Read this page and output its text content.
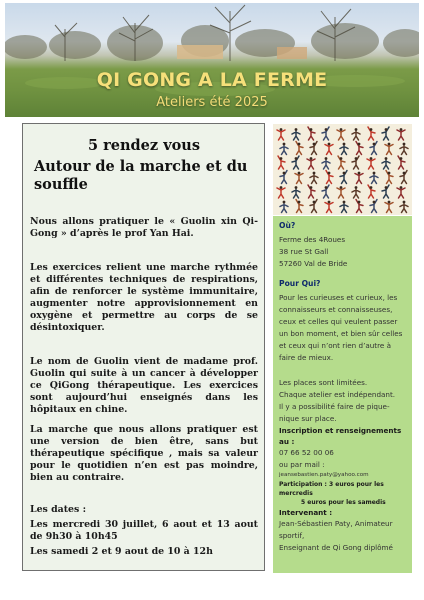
QI GONG A LA FERME
Ateliers été 2025
5 rendez vous
Autour de la marche et du souffle

Nous allons pratiquer le « Guolin xin Qi-Gong » d’après le prof Yan Hai.

Les exercices relient une marche rythmée et différentes techniques de respirations, afin de renforcer le système immunitaire, augmenter notre approvisionnement en oxygène et permettre au corps de se désintoxiquer.

Le nom de Guolin vient de madame prof. Guolin qui suite à un cancer à développer ce QiGong thérapeutique. Les exercices sont aujourd’hui enseignés dans les hôpitaux en chine.

La marche que nous allons pratiquer est une version de bien être, sans but thérapeutique spécifique , mais sa valeur pour le quotidien n’en est pas moindre, bien au contraire.

Les dates :

Les mercredi 30 juillet, 6 aout et 13 aout de 9h30 à 10h45

Les samedi 2 et 9 aout de 10 à 12h

Où?
Ferme des 4Roues
38 rue St Gall
57260 Val de Bride
Pour Qui?
Pour les curieuses et curieux, les connaisseurs et connaisseuses, ceux et celles qui veulent passer un bon moment, et bien sûr celles et ceux qui n’ont rien d’autre à faire de mieux.
Les places sont limitées.
Chaque atelier est indépendant.
Il y a possibilité faire de pique-nique sur place.
Inscription et renseignements au :
07 66 52 00 06
ou par mail :
jeansebastien.paty@yahoo.com
Participation : 3 euros pour les mercredis
5 euros pour les samedis
Intervenant :
Jean-Sébastien Paty, Animateur sportif,
Enseignant de Qi Gong diplômé
